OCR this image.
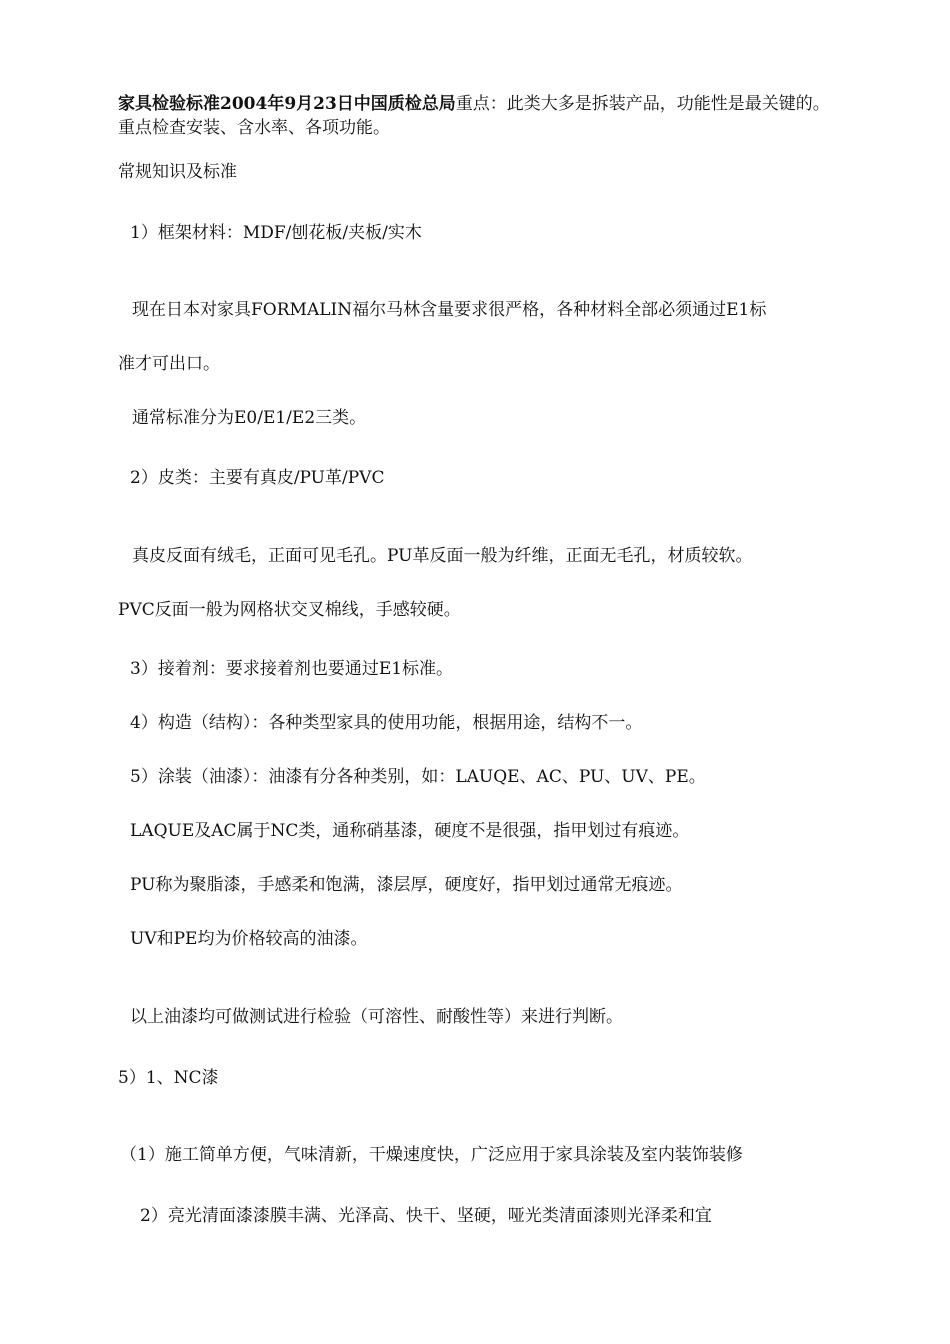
家具检验标准2004年9月23日中国质检总局重点：此类大多是拆装产品，功能性是最关键的。重点检查安装、含水率、各项功能。
常规知识及标准
1）框架材料：MDF/刨花板/夹板/实木
现在日本对家具FORMALIN福尔马林含量要求很严格，各种材料全部必须通过E1标
准才可出口。
通常标准分为E0/E1/E2三类。
2）皮类：主要有真皮/PU革/PVC
真皮反面有绒毛，正面可见毛孔。PU革反面一般为纤维，正面无毛孔，材质较软。
PVC反面一般为网格状交叉棉线，手感较硬。
3）接着剂：要求接着剂也要通过E1标准。
4）构造（结构）：各种类型家具的使用功能，根据用途，结构不一。
5）涂装（油漆）：油漆有分各种类别，如：LAUQE、AC、PU、UV、PE。
LAQUE及AC属于NC类，通称硝基漆，硬度不是很强，指甲划过有痕迹。
PU称为聚脂漆，手感柔和饱满，漆层厚，硬度好，指甲划过通常无痕迹。
UV和PE均为价格较高的油漆。
以上油漆均可做测试进行检验（可溶性、耐酸性等）来进行判断。
5）1、NC漆
（1）施工简单方便，气味清新，干燥速度快，广泛应用于家具涂装及室内装饰装修
2）亮光清面漆漆膜丰满、光泽高、快干、坚硬，哑光类清面漆则光泽柔和宜
